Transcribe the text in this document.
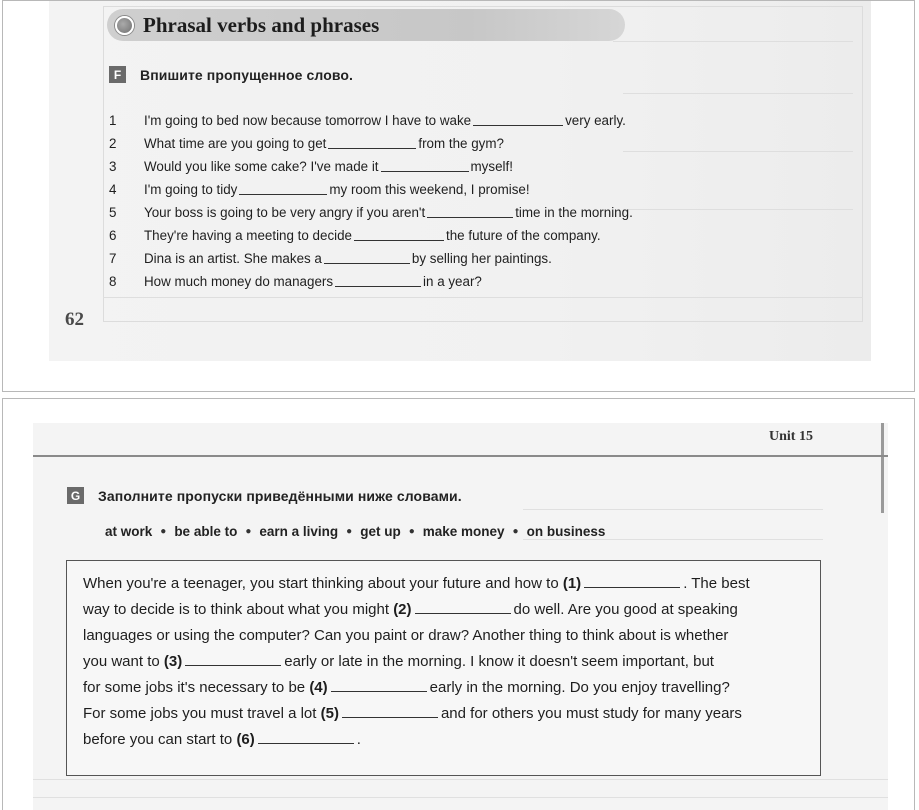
Phrasal verbs and phrases
F	Впишите пропущенное слово.
1	I'm going to bed now because tomorrow I have to wake	very early.
2	What time are you going to get	from the gym?
3	Would you like some cake? I've made it	myself!
4	I'm going to tidy	my room this weekend, I promise!
5	Your boss is going to be very angry if you aren't	time in the morning.
6	They're having a meeting to decide	the future of the company.
7	Dina is an artist. She makes a	by selling her paintings.
8	How much money do managers	in a year?
62

Unit 15
G Заполните пропуски приведёнными ниже словами.
at work ● be able to ● earn a living ● get up ● make money ● on business
When you're a teenager, you start thinking about your future and how to (1)	. The best
way to decide is to think about what you might (2)	do well. Are you good at speaking
languages or using the computer? Can you paint or draw? Another thing to think about is whether
you want to (3)	early or late in the morning. I know it doesn't seem important, but
for some jobs it's necessary to be (4)	early in the morning. Do you enjoy travelling?
For some jobs you must travel a lot (5)	and for others you must study for many years
before you can start to (6)	.
